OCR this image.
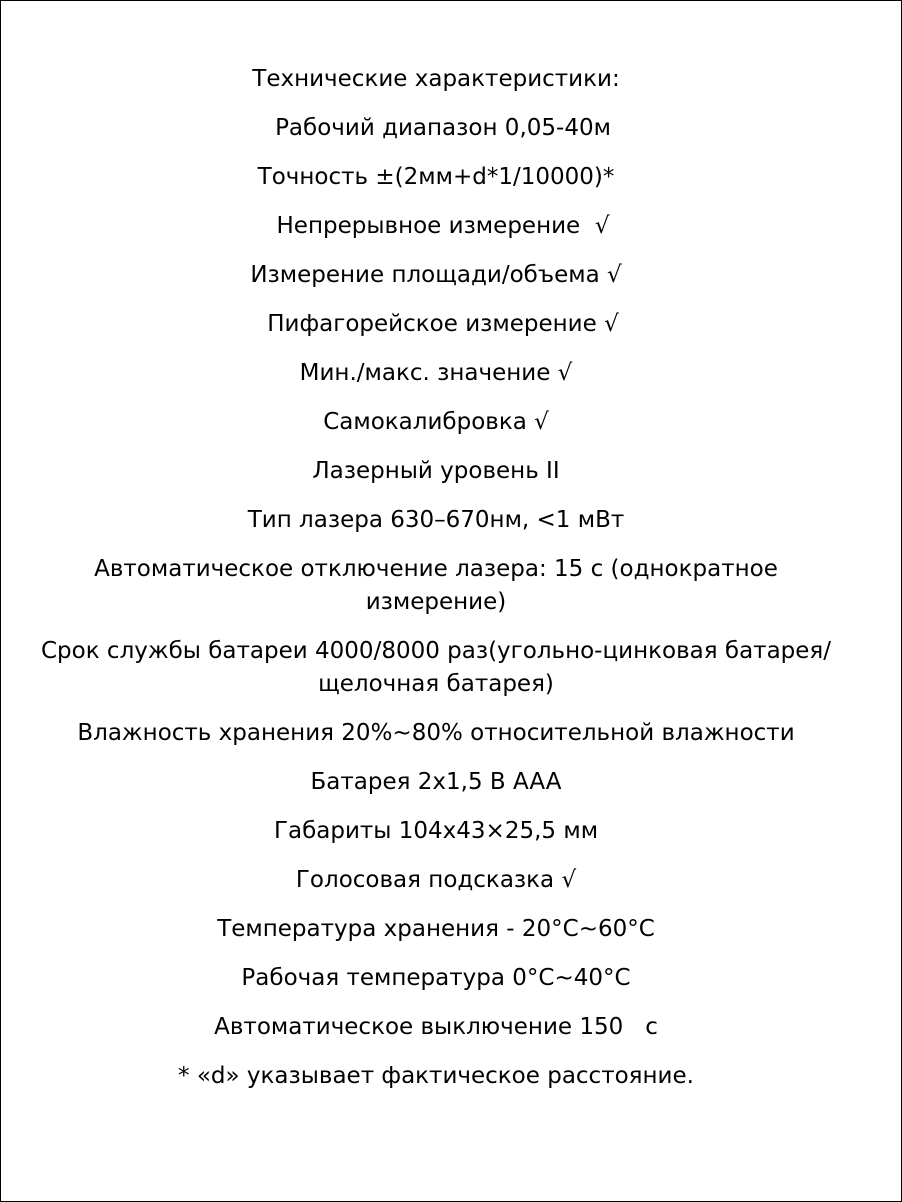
Технические характеристики:
Рабочий диапазон 0,05-40м
Точность ±(2мм+d*1/10000)*
Непрерывное измерение  √
Измерение площади/объема √
Пифагорейское измерение √
Мин./макс. значение √
Самокалибровка √
Лазерный уровень II
Тип лазера 630–670нм, <1 мВт
Автоматическое отключение лазера: 15 с (однократное измерение)
Срок службы батареи 4000/8000 раз(угольно-цинковая батарея/щелочная батарея)
Влажность хранения 20%~80% относительной влажности
Батарея 2х1,5 В AAA
Габариты 104x43×25,5 мм
Голосовая подсказка √
Температура хранения - 20°C~60°C
Рабочая температура 0°C~40°C
Автоматическое выключение 150   с
* «d» указывает фактическое расстояние.
